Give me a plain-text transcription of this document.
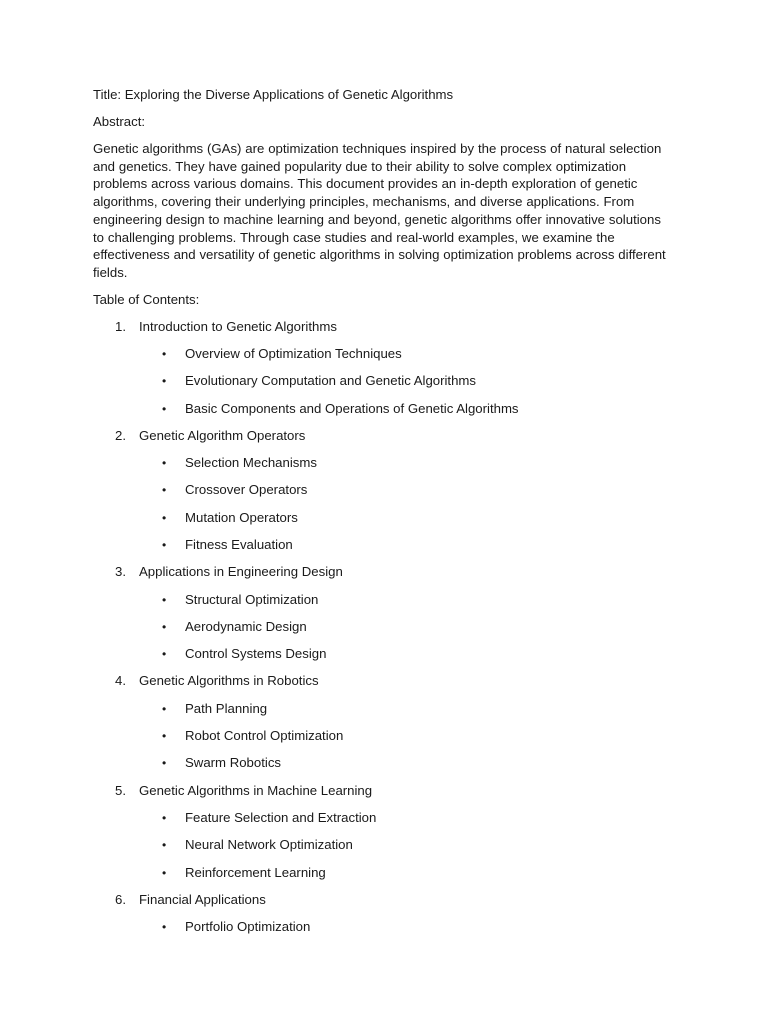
Title: Exploring the Diverse Applications of Genetic Algorithms

Abstract:

Genetic algorithms (GAs) are optimization techniques inspired by the process of natural selection and genetics. They have gained popularity due to their ability to solve complex optimization problems across various domains. This document provides an in-depth exploration of genetic algorithms, covering their underlying principles, mechanisms, and diverse applications. From engineering design to machine learning and beyond, genetic algorithms offer innovative solutions to challenging problems. Through case studies and real-world examples, we examine the effectiveness and versatility of genetic algorithms in solving optimization problems across different fields.

Table of Contents:

1. Introduction to Genetic Algorithms
• Overview of Optimization Techniques
• Evolutionary Computation and Genetic Algorithms
• Basic Components and Operations of Genetic Algorithms
2. Genetic Algorithm Operators
• Selection Mechanisms
• Crossover Operators
• Mutation Operators
• Fitness Evaluation
3. Applications in Engineering Design
• Structural Optimization
• Aerodynamic Design
• Control Systems Design
4. Genetic Algorithms in Robotics
• Path Planning
• Robot Control Optimization
• Swarm Robotics
5. Genetic Algorithms in Machine Learning
• Feature Selection and Extraction
• Neural Network Optimization
• Reinforcement Learning
6. Financial Applications
• Portfolio Optimization
